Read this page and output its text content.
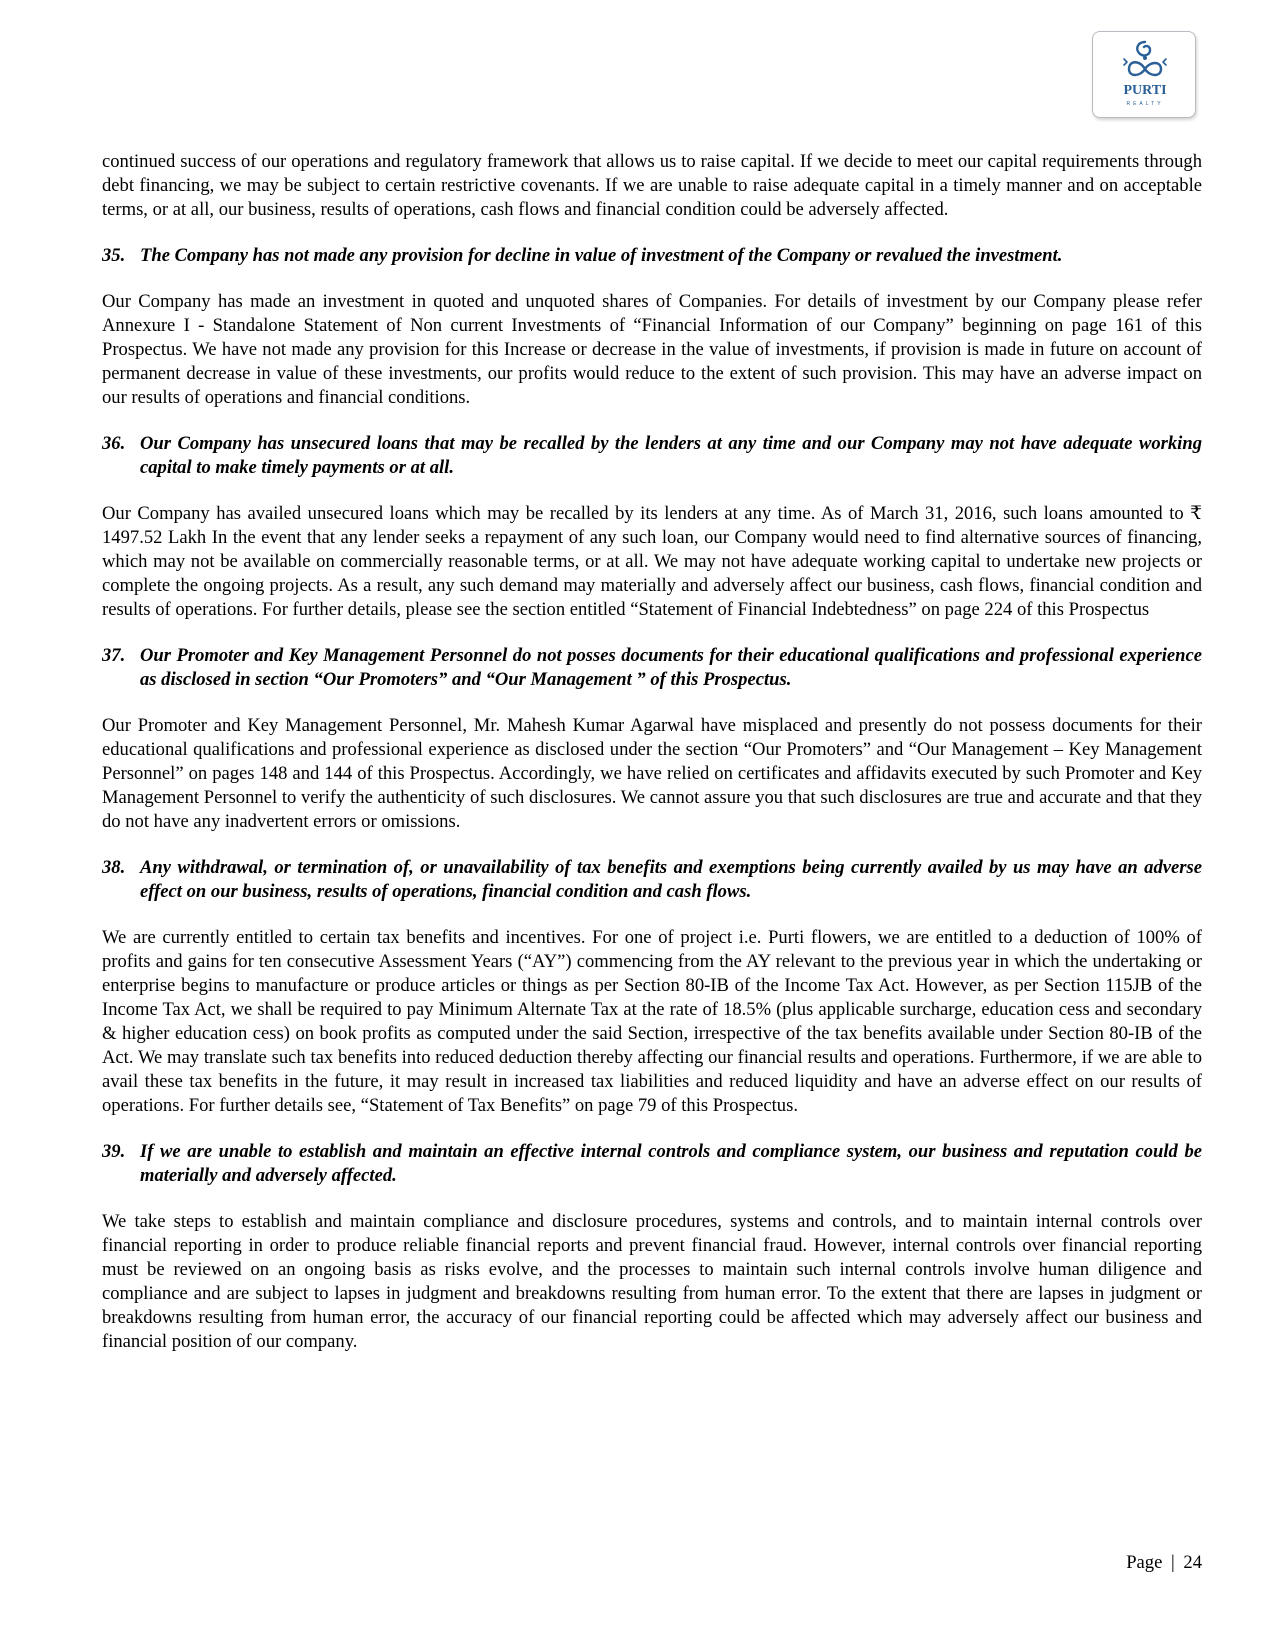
PURTI
REALTY

continued success of our operations and regulatory framework that allows us to raise capital. If we decide to meet our capital requirements through debt financing, we may be subject to certain restrictive covenants. If we are unable to raise adequate capital in a timely manner and on acceptable terms, or at all, our business, results of operations, cash flows and financial condition could be adversely affected.

35. The Company has not made any provision for decline in value of investment of the Company or revalued the investment.

Our Company has made an investment in quoted and unquoted shares of Companies. For details of investment by our Company please refer Annexure I - Standalone Statement of Non current Investments of “Financial Information of our Company” beginning on page 161 of this Prospectus. We have not made any provision for this Increase or decrease in the value of investments, if provision is made in future on account of permanent decrease in value of these investments, our profits would reduce to the extent of such provision. This may have an adverse impact on our results of operations and financial conditions.

36. Our Company has unsecured loans that may be recalled by the lenders at any time and our Company may not have adequate working capital to make timely payments or at all.

Our Company has availed unsecured loans which may be recalled by its lenders at any time. As of March 31, 2016, such loans amounted to ₹ 1497.52 Lakh In the event that any lender seeks a repayment of any such loan, our Company would need to find alternative sources of financing, which may not be available on commercially reasonable terms, or at all. We may not have adequate working capital to undertake new projects or complete the ongoing projects. As a result, any such demand may materially and adversely affect our business, cash flows, financial condition and results of operations. For further details, please see the section entitled “Statement of Financial Indebtedness” on page 224 of this Prospectus

37. Our Promoter and Key Management Personnel do not posses documents for their educational qualifications and professional experience as disclosed in section “Our Promoters” and “Our Management ” of this Prospectus.

Our Promoter and Key Management Personnel, Mr. Mahesh Kumar Agarwal have misplaced and presently do not possess documents for their educational qualifications and professional experience as disclosed under the section “Our Promoters” and “Our Management – Key Management Personnel” on pages 148 and 144 of this Prospectus. Accordingly, we have relied on certificates and affidavits executed by such Promoter and Key Management Personnel to verify the authenticity of such disclosures. We cannot assure you that such disclosures are true and accurate and that they do not have any inadvertent errors or omissions.

38. Any withdrawal, or termination of, or unavailability of tax benefits and exemptions being currently availed by us may have an adverse effect on our business, results of operations, financial condition and cash flows.

We are currently entitled to certain tax benefits and incentives. For one of project i.e. Purti flowers, we are entitled to a deduction of 100% of profits and gains for ten consecutive Assessment Years (“AY”) commencing from the AY relevant to the previous year in which the undertaking or enterprise begins to manufacture or produce articles or things as per Section 80-IB of the Income Tax Act. However, as per Section 115JB of the Income Tax Act, we shall be required to pay Minimum Alternate Tax at the rate of 18.5% (plus applicable surcharge, education cess and secondary & higher education cess) on book profits as computed under the said Section, irrespective of the tax benefits available under Section 80-IB of the Act. We may translate such tax benefits into reduced deduction thereby affecting our financial results and operations. Furthermore, if we are able to avail these tax benefits in the future, it may result in increased tax liabilities and reduced liquidity and have an adverse effect on our results of operations. For further details see, “Statement of Tax Benefits” on page 79 of this Prospectus.

39. If we are unable to establish and maintain an effective internal controls and compliance system, our business and reputation could be materially and adversely affected.

We take steps to establish and maintain compliance and disclosure procedures, systems and controls, and to maintain internal controls over financial reporting in order to produce reliable financial reports and prevent financial fraud. However, internal controls over financial reporting must be reviewed on an ongoing basis as risks evolve, and the processes to maintain such internal controls involve human diligence and compliance and are subject to lapses in judgment and breakdowns resulting from human error. To the extent that there are lapses in judgment or breakdowns resulting from human error, the accuracy of our financial reporting could be affected which may adversely affect our business and financial position of our company.

Page | 24
